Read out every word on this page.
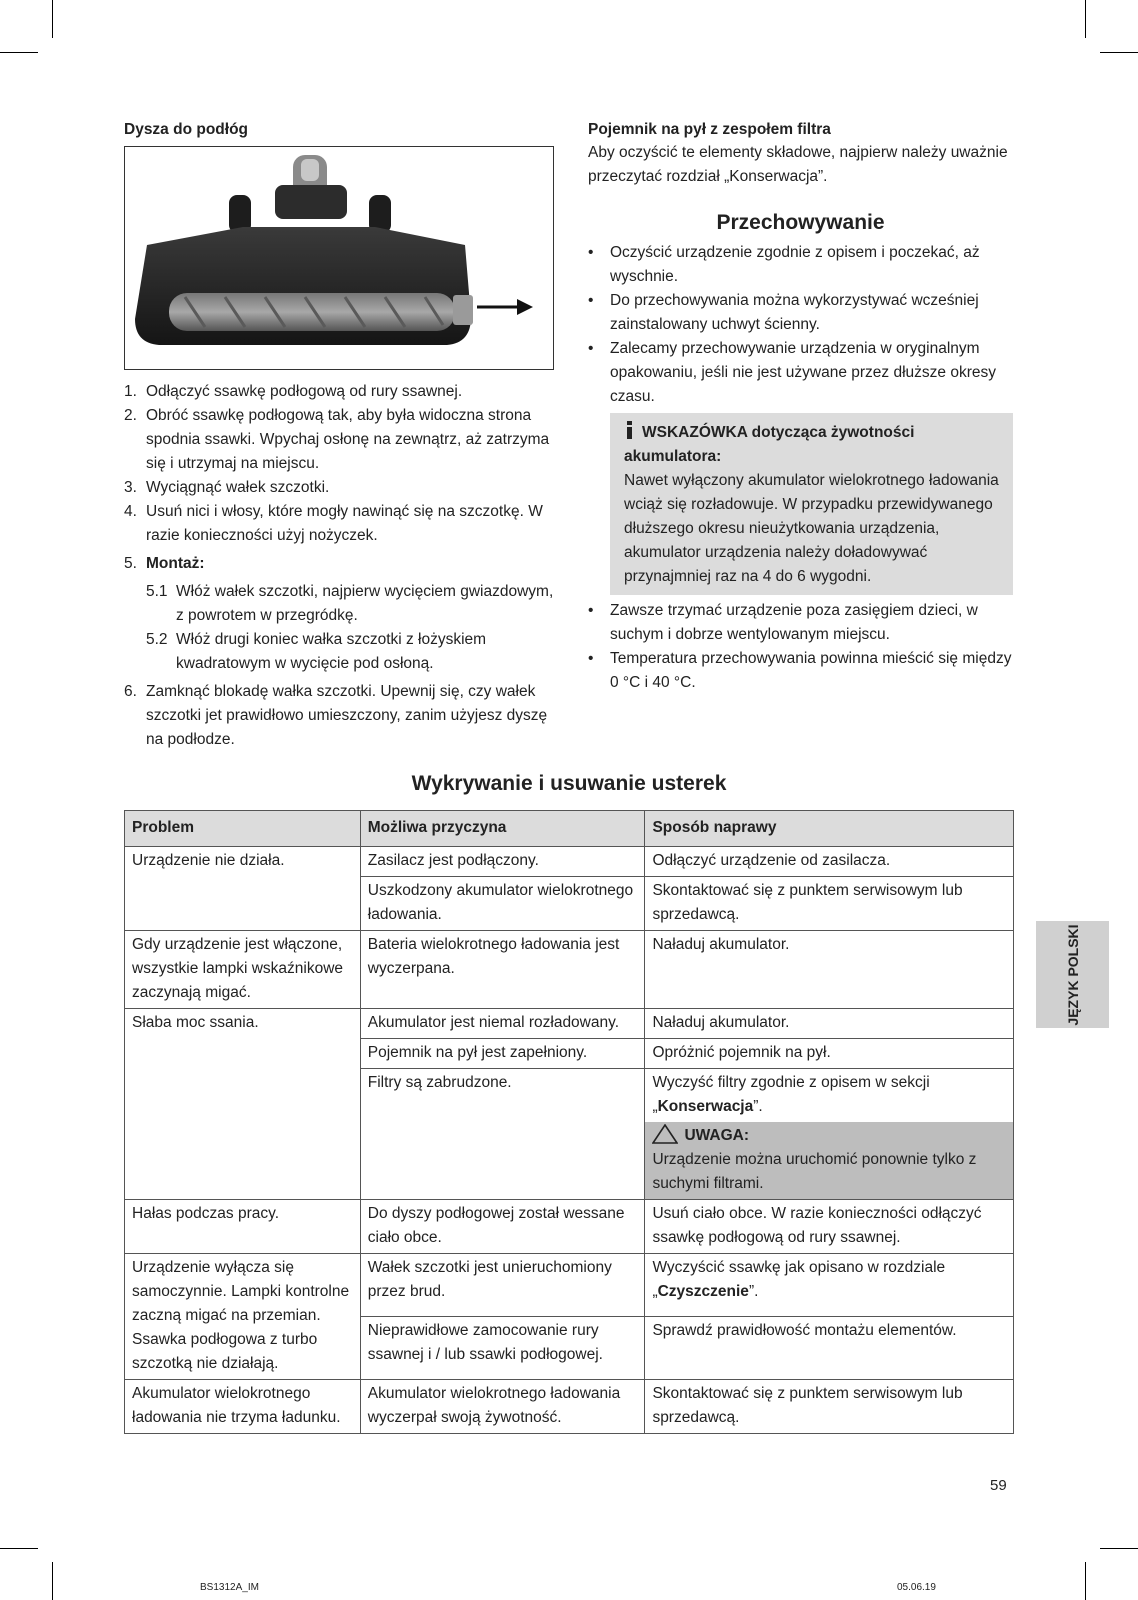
Dysza do podłóg
1. Odłączyć ssawkę podłogową od rury ssawnej.
2. Obróć ssawkę podłogową tak, aby była widoczna strona spodnia ssawki. Wpychaj osłonę na zewnątrz, aż zatrzyma się i utrzymaj na miejscu.
3. Wyciągnąć wałek szczotki.
4. Usuń nici i włosy, które mogły nawinąć się na szczotkę. W razie konieczności użyj nożyczek.
5. Montaż:
5.1 Włóż wałek szczotki, najpierw wycięciem gwiazdowym, z powrotem w przegródkę.
5.2 Włóż drugi koniec wałka szczotki z łożyskiem kwadratowym w wycięcie pod osłoną.
6. Zamknąć blokadę wałka szczotki. Upewnij się, czy wałek szczotki jet prawidłowo umieszczony, zanim użyjesz dyszę na podłodze.
Pojemnik na pył z zespołem filtra
Aby oczyścić te elementy składowe, najpierw należy uważnie przeczytać rozdział „Konserwacja”.
Przechowywanie
• Oczyścić urządzenie zgodnie z opisem i poczekać, aż wyschnie.
• Do przechowywania można wykorzystywać wcześniej zainstalowany uchwyt ścienny.
• Zalecamy przechowywanie urządzenia w oryginalnym opakowaniu, jeśli nie jest używane przez dłuższe okresy czasu.
WSKAZÓWKA dotycząca żywotności akumulatora:
Nawet wyłączony akumulator wielokrotnego ładowania wciąż się rozładowuje. W przypadku przewidywanego dłuższego okresu nieużytkowania urządzenia, akumulator urządzenia należy doładowywać przynajmniej raz na 4 do 6 wygodni.
• Zawsze trzymać urządzenie poza zasięgiem dzieci, w suchym i dobrze wentylowanym miejscu.
• Temperatura przechowywania powinna mieścić się między 0 °C i 40 °C.
Wykrywanie i usuwanie usterek
Problem	Możliwa przyczyna	Sposób naprawy
Urządzenie nie działa.	Zasilacz jest podłączony.	Odłączyć urządzenie od zasilacza.
	Uszkodzony akumulator wielokrotnego ładowania.	Skontaktować się z punktem serwisowym lub sprzedawcą.
Gdy urządzenie jest włączone, wszystkie lampki wskaźnikowe zaczynają migać.	Bateria wielokrotnego ładowania jest wyczerpana.	Naładuj akumulator.
Słaba moc ssania.	Akumulator jest niemal rozładowany.	Naładuj akumulator.
	Pojemnik na pył jest zapełniony.	Opróżnić pojemnik na pył.
	Filtry są zabrudzone.	Wyczyść filtry zgodnie z opisem w sekcji „Konserwacja”.

		UWAGA:
Urządzenie można uruchomić ponownie tylko z suchymi filtrami.

Hałas podczas pracy.	Do dyszy podłogowej został wessane ciało obce.	Usuń ciało obce. W razie konieczności odłączyć ssawkę podłogową od rury ssawnej.
Urządzenie wyłącza się samoczynnie. Lampki kontrolne zaczną migać na przemian. Ssawka podłogowa z turbo szczotką nie działają.	Wałek szczotki jest unieruchomiony przez brud.	Wyczyścić ssawkę jak opisano w rozdziale „Czyszczenie”.
	Nieprawidłowe zamocowanie rury ssawnej i / lub ssawki podłogowej.	Sprawdź prawidłowość montażu elementów.
Akumulator wielokrotnego ładowania nie trzyma ładunku.	Akumulator wielokrotnego ładowania wyczerpał swoją żywotność.	Skontaktować się z punktem serwisowym lub sprzedawcą.
JĘZYK POLSKI
59
BS1312A_IM	05.06.19
